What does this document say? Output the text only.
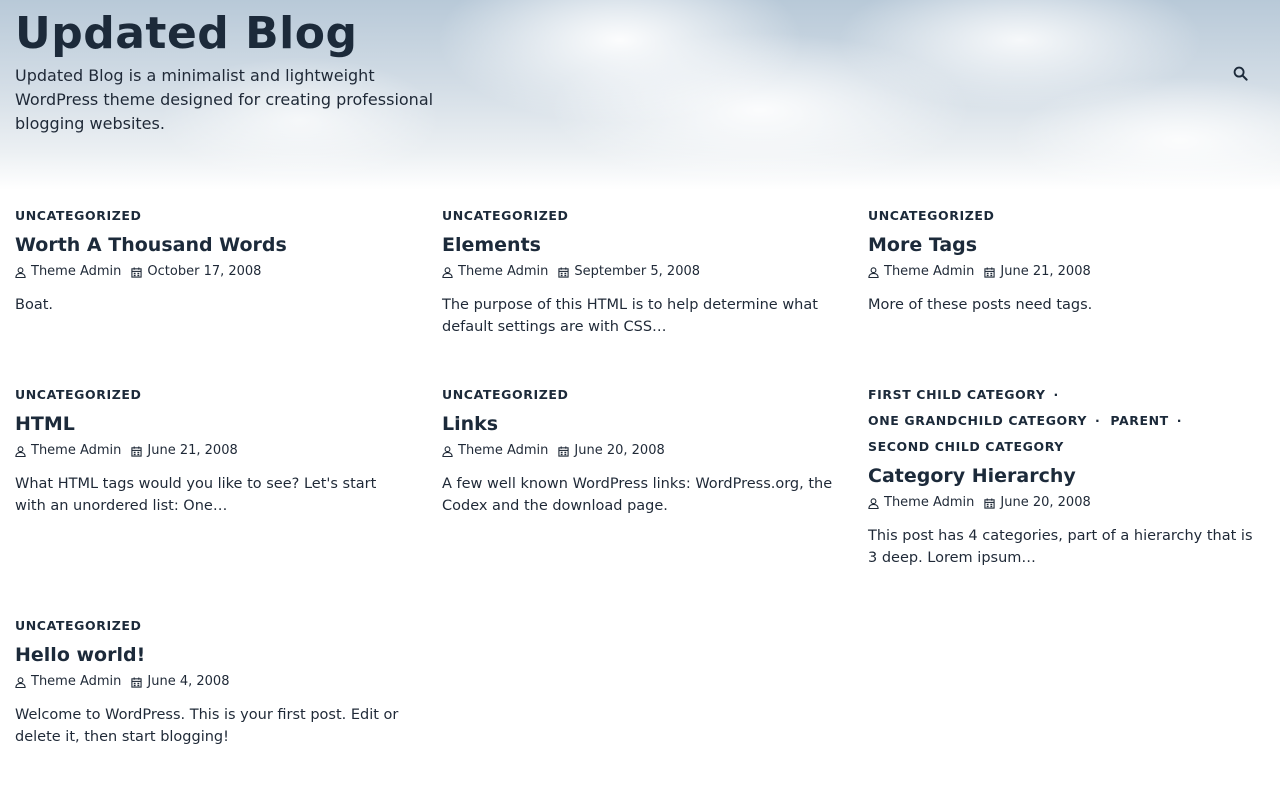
Updated Blog

Updated Blog is a minimalist and lightweight WordPress theme designed for creating professional blogging websites.

UNCATEGORIZED
Worth A Thousand Words
Theme Admin October 17, 2008

Boat.

UNCATEGORIZED
Elements
Theme Admin September 5, 2008

The purpose of this HTML is to help determine what default settings are with CSS…

UNCATEGORIZED
More Tags
Theme Admin June 21, 2008

More of these posts need tags.

UNCATEGORIZED
HTML
Theme Admin June 21, 2008

What HTML tags would you like to see? Let's start with an unordered list: One…

UNCATEGORIZED
Links
Theme Admin June 20, 2008

A few well known WordPress links: WordPress.org, the Codex and the download page.

FIRST CHILD CATEGORY ·
ONE GRANDCHILD CATEGORY · PARENT ·
SECOND CHILD CATEGORY
Category Hierarchy
Theme Admin June 20, 2008

This post has 4 categories, part of a hierarchy that is 3 deep. Lorem ipsum…

UNCATEGORIZED
Hello world!
Theme Admin June 4, 2008

Welcome to WordPress. This is your first post. Edit or delete it, then start blogging!
